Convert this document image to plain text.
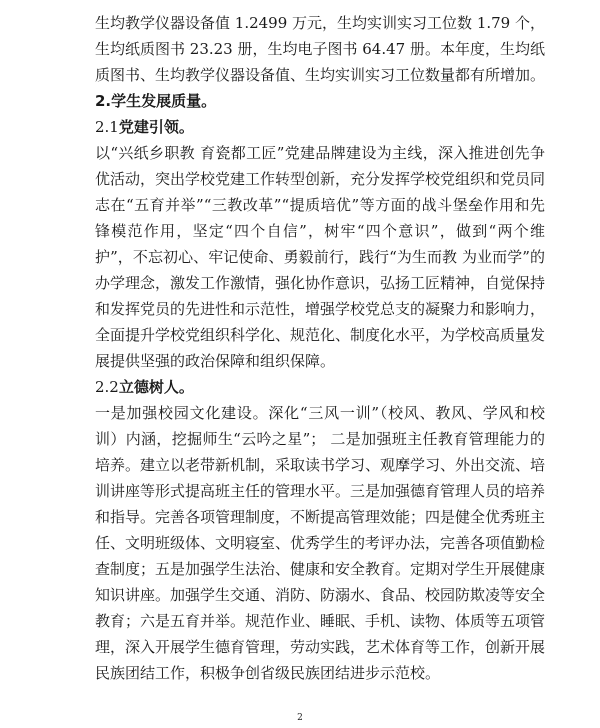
生均教学仪器设备值 1.2499 万元，生均实训实习工位数 1.79 个，生均纸质图书 23.23 册，生均电子图书 64.47 册。本年度，生均纸质图书、生均教学仪器设备值、生均实训实习工位数量都有所增加。

2.学生发展质量。

2.1党建引领。

以“兴纸乡职教 育瓷都工匠”党建品牌建设为主线，深入推进创先争优活动，突出学校党建工作转型创新，充分发挥学校党组织和党员同志在“五育并举”“三教改革”“提质培优”等方面的战斗堡垒作用和先锋模范作用，坚定“四个自信”，树牢“四个意识”，做到“两个维护”，不忘初心、牢记使命、勇毅前行，践行“为生而教 为业而学”的办学理念，激发工作激情，强化协作意识，弘扬工匠精神，自觉保持和发挥党员的先进性和示范性，增强学校党总支的凝聚力和影响力，全面提升学校党组织科学化、规范化、制度化水平，为学校高质量发展提供坚强的政治保障和组织保障。

2.2立德树人。

一是加强校园文化建设。深化“三风一训”（校风、教风、学风和校训）内涵，挖掘师生“云吟之星”； 二是加强班主任教育管理能力的培养。建立以老带新机制，采取读书学习、观摩学习、外出交流、培训讲座等形式提高班主任的管理水平。三是加强德育管理人员的培养和指导。完善各项管理制度，不断提高管理效能；四是健全优秀班主任、文明班级体、文明寝室、优秀学生的考评办法，完善各项值勤检查制度；五是加强学生法治、健康和安全教育。定期对学生开展健康知识讲座。加强学生交通、消防、防溺水、食品、校园防欺凌等安全教育；六是五育并举。规范作业、睡眠、手机、读物、体质等五项管理，深入开展学生德育管理，劳动实践，艺术体育等工作，创新开展民族团结工作，积极争创省级民族团结进步示范校。

2
